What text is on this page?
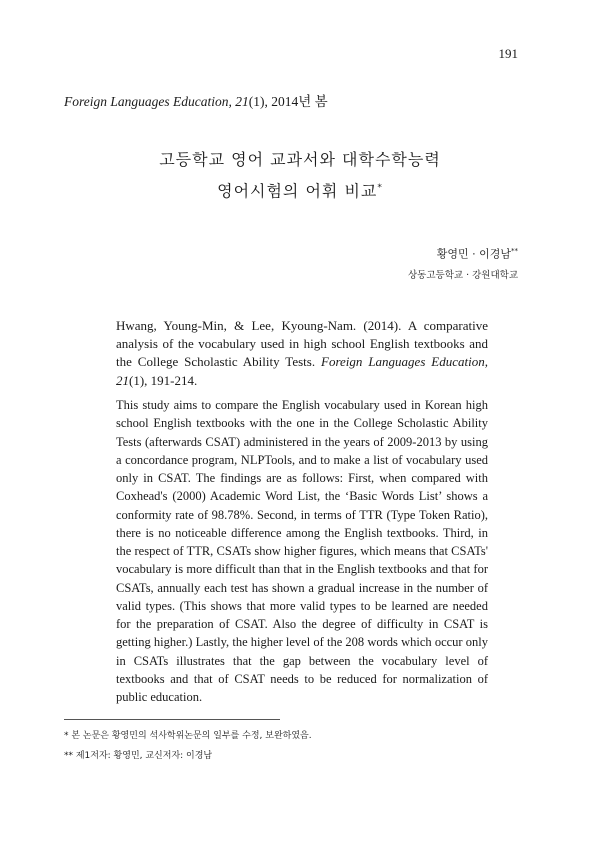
191
Foreign Languages Education, 21(1), 2014년 봄
고등학교 영어 교과서와 대학수학능력
영어시험의 어휘 비교*
황영민 · 이경남**
상동고등학교 · 강원대학교
Hwang, Young-Min, & Lee, Kyoung-Nam. (2014). A comparative analysis of the vocabulary used in high school English textbooks and the College Scholastic Ability Tests. Foreign Languages Education, 21(1), 191-214.
This study aims to compare the English vocabulary used in Korean high school English textbooks with the one in the College Scholastic Ability Tests (afterwards CSAT) administered in the years of 2009-2013 by using a concordance program, NLPTools, and to make a list of vocabulary used only in CSAT. The findings are as follows: First, when compared with Coxhead's (2000) Academic Word List, the ‘Basic Words List’ shows a conformity rate of 98.78%. Second, in terms of TTR (Type Token Ratio), there is no noticeable difference among the English textbooks. Third, in the respect of TTR, CSATs show higher figures, which means that CSATs' vocabulary is more difficult than that in the English textbooks and that for CSATs, annually each test has shown a gradual increase in the number of valid types. (This shows that more valid types to be learned are needed for the preparation of CSAT. Also the degree of difficulty in CSAT is getting higher.) Lastly, the higher level of the 208 words which occur only in CSATs illustrates that the gap between the vocabulary level of textbooks and that of CSAT needs to be reduced for normalization of public education.
* 본 논문은 황영민의 석사학위논문의 일부를 수정, 보완하였음.
** 제1저자: 황영민, 교신저자: 이경남
